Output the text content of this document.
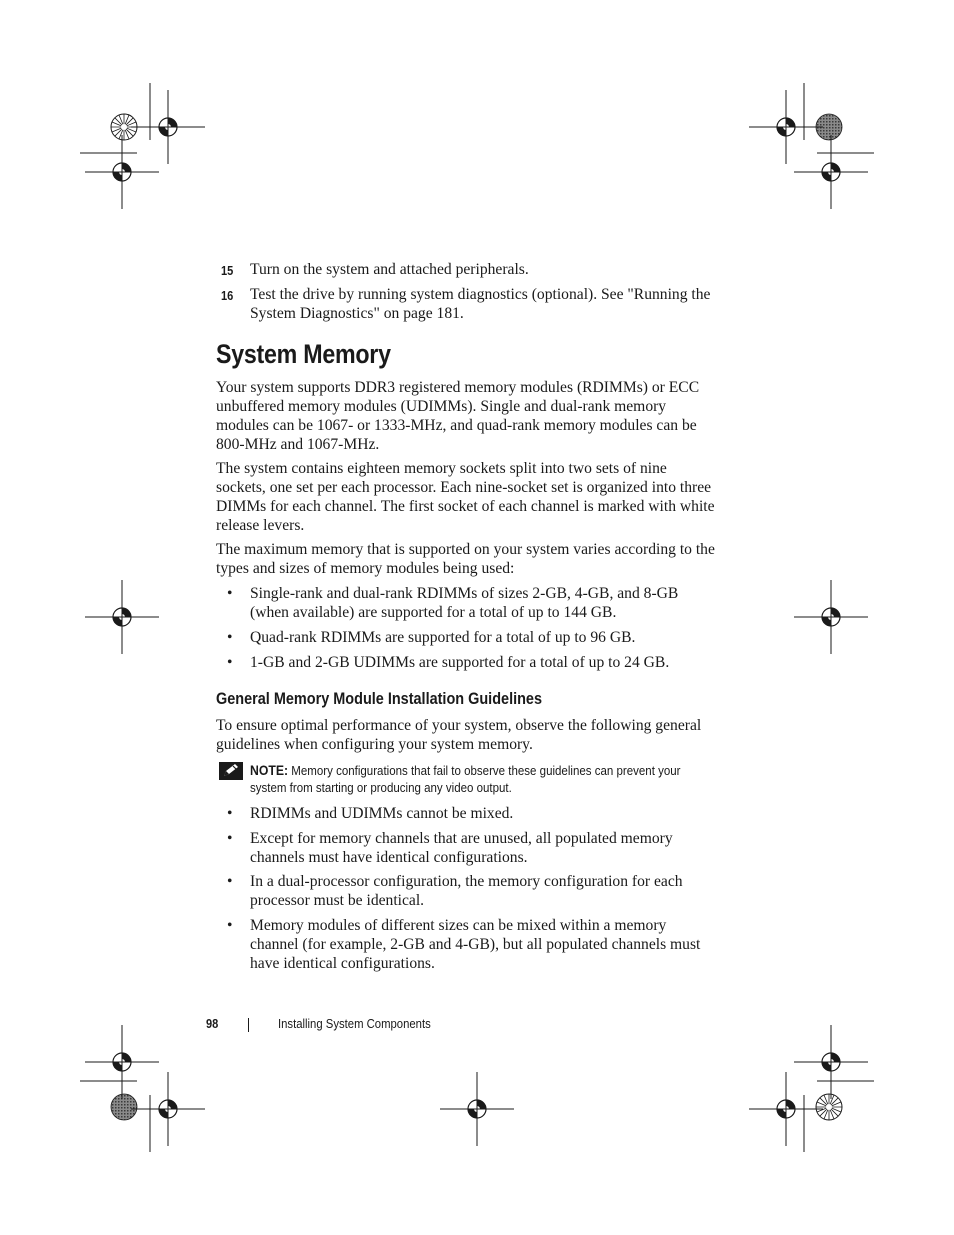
15 Turn on the system and attached peripherals.
16 Test the drive by running system diagnostics (optional). See "Running the System Diagnostics" on page 181.
System Memory

Your system supports DDR3 registered memory modules (RDIMMs) or ECC unbuffered memory modules (UDIMMs). Single and dual-rank memory modules can be 1067- or 1333-MHz, and quad-rank memory modules can be 800-MHz and 1067-MHz.

The system contains eighteen memory sockets split into two sets of nine sockets, one set per each processor. Each nine-socket set is organized into three DIMMs for each channel. The first socket of each channel is marked with white release levers.

The maximum memory that is supported on your system varies according to the types and sizes of memory modules being used:

• Single-rank and dual-rank RDIMMs of sizes 2-GB, 4-GB, and 8-GB (when available) are supported for a total of up to 144 GB.
• Quad-rank RDIMMs are supported for a total of up to 96 GB.
• 1-GB and 2-GB UDIMMs are supported for a total of up to 24 GB.
General Memory Module Installation Guidelines

To ensure optimal performance of your system, observe the following general guidelines when configuring your system memory.

NOTE: Memory configurations that fail to observe these guidelines can prevent your system from starting or producing any video output.
• RDIMMs and UDIMMs cannot be mixed.
• Except for memory channels that are unused, all populated memory channels must have identical configurations.
• In a dual-processor configuration, the memory configuration for each processor must be identical.
• Memory modules of different sizes can be mixed within a memory channel (for example, 2-GB and 4-GB), but all populated channels must have identical configurations.
98	Installing System Components
